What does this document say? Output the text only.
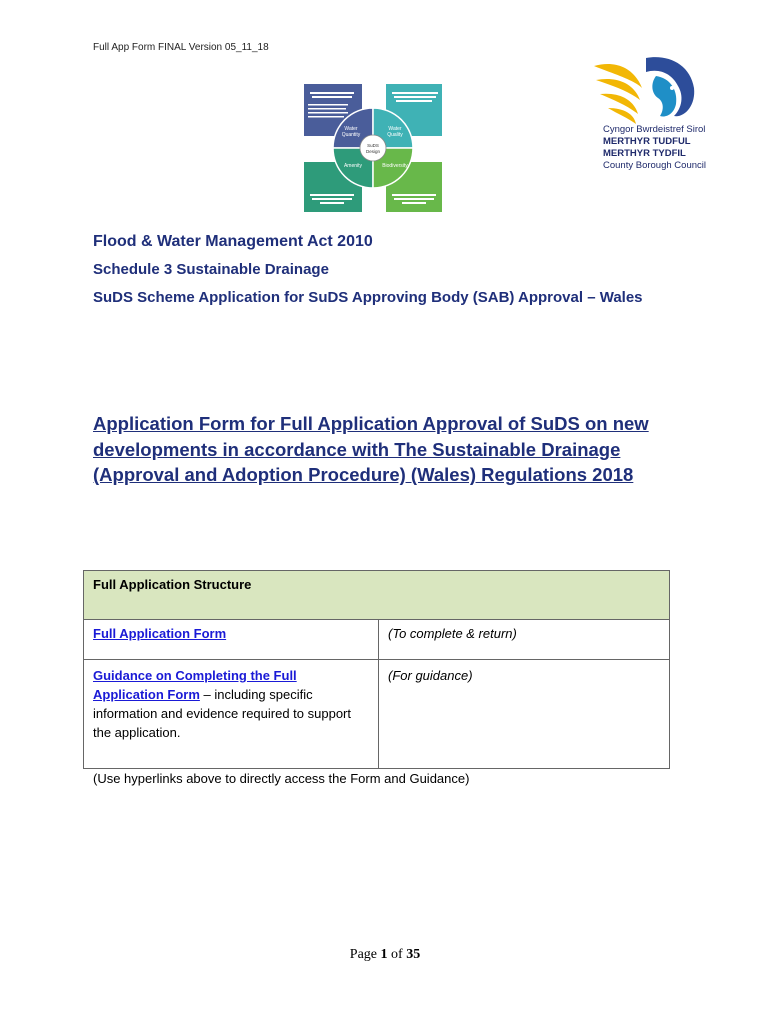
Full App Form FINAL Version 05_11_18
Water
Quantity
Water
Quality
Amenity	Biodiversity
SuDS
Design
Cyngor Bwrdeistref Sirol
MERTHYR TUDFUL
MERTHYR TYDFIL
County Borough Council
Flood & Water Management Act 2010
Schedule 3 Sustainable Drainage
SuDS Scheme Application for SuDS Approving Body (SAB) Approval – Wales
Application Form for Full Application Approval of SuDS on new developments in accordance with The Sustainable Drainage (Approval and Adoption Procedure) (Wales) Regulations 2018
Full Application Structure	
Full Application Form	(To complete & return)
Guidance on Completing the Full Application Form – including specific information and evidence required to support the application.	(For guidance)
(Use hyperlinks above to directly access the Form and Guidance)
Page 1 of 35
